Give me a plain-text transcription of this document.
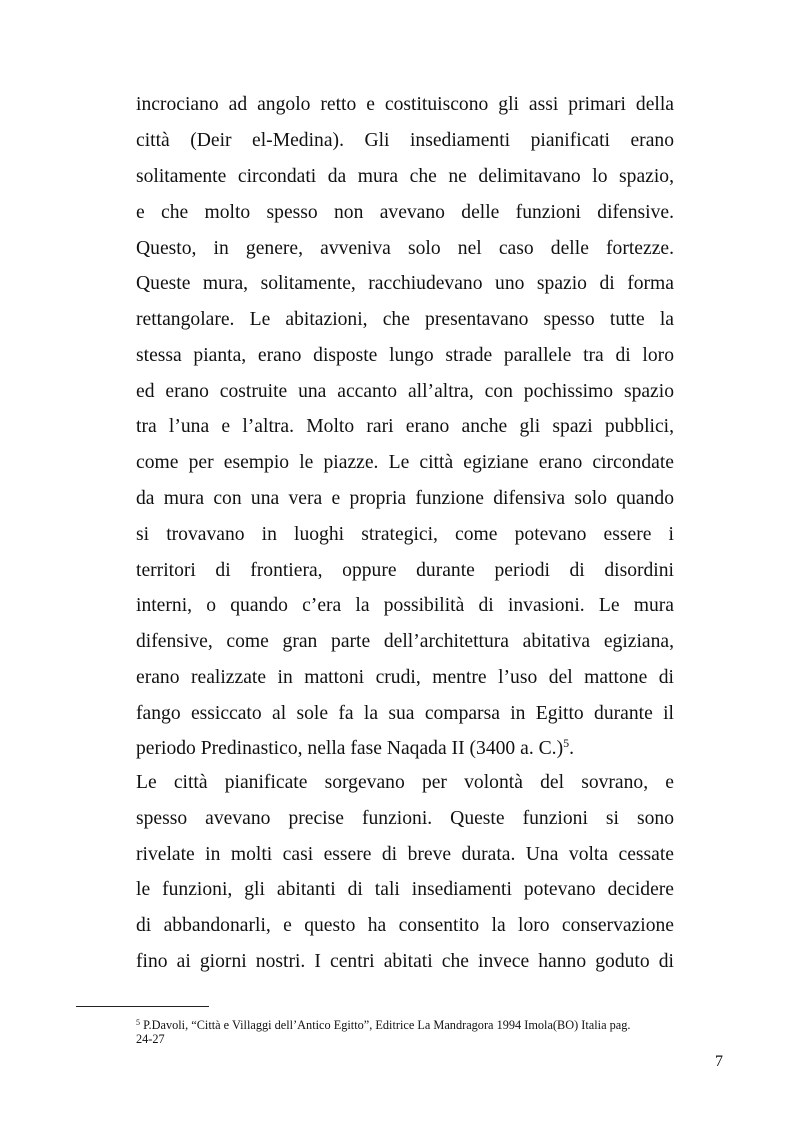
incrociano ad angolo retto e costituiscono gli assi primari della
città (Deir el-Medina). Gli insediamenti pianificati erano
solitamente circondati da mura che ne delimitavano lo spazio,
e che molto spesso non avevano delle funzioni difensive.
Questo, in genere, avveniva solo nel caso delle fortezze.
Queste mura, solitamente, racchiudevano uno spazio di forma
rettangolare. Le abitazioni, che presentavano spesso tutte la
stessa pianta, erano disposte lungo strade parallele tra di loro
ed erano costruite una accanto all’altra, con pochissimo spazio
tra l’una e l’altra. Molto rari erano anche gli spazi pubblici,
come per esempio le piazze. Le città egiziane erano circondate
da mura con una vera e propria funzione difensiva solo quando
si trovavano in luoghi strategici, come potevano essere i
territori di frontiera, oppure durante periodi di disordini
interni, o quando c’era la possibilità di invasioni. Le mura
difensive, come gran parte dell’architettura abitativa egiziana,
erano realizzate in mattoni crudi, mentre l’uso del mattone di
fango essiccato al sole fa la sua comparsa in Egitto durante il
periodo Predinastico, nella fase Naqada II (3400 a. C.)$^5$.
Le città pianificate sorgevano per volontà del sovrano, e
spesso avevano precise funzioni. Queste funzioni si sono
rivelate in molti casi essere di breve durata. Una volta cessate
le funzioni, gli abitanti di tali insediamenti potevano decidere
di abbandonarli, e questo ha consentito la loro conservazione
fino ai giorni nostri. I centri abitati che invece hanno goduto di
$^5$ P.Davoli, “Città e Villaggi dell’Antico Egitto”, Editrice La Mandragora 1994 Imola(BO) Italia pag.
24-27
7
